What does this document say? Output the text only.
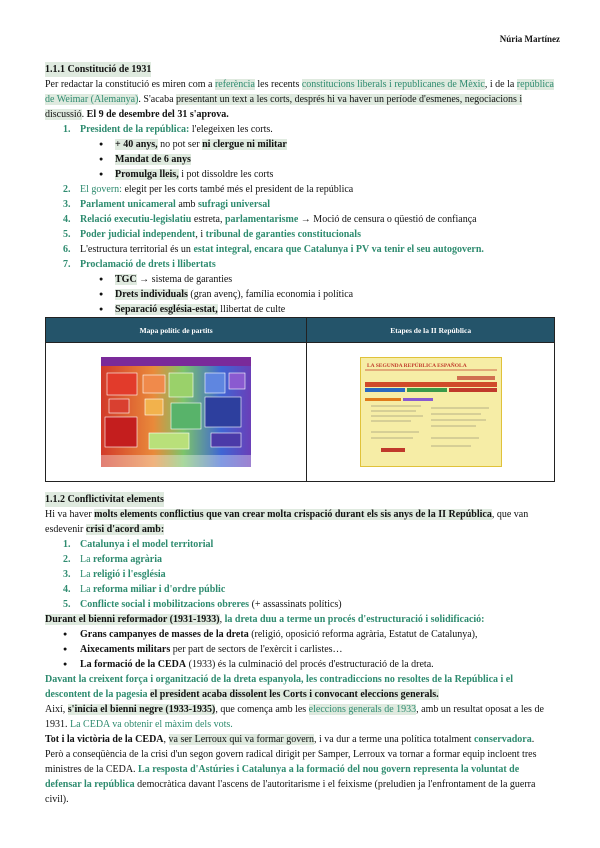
Núria Martínez

1.1.1 Constitució de 1931

Per redactar la constitució es miren com a referència les recents constitucions liberals i republicanes de Mèxic, i de la república de Weimar (Alemanya). S'acaba presentant un text a les corts, després hi va haver un període d'esmenes, negociacions i discussió. El 9 de desembre del 31 s'aprova.

1. President de la república: l'elegeixen les corts.
● + 40 anys, no pot ser ni clergue ni militar
● Mandat de 6 anys
● Promulga lleis, i pot dissoldre les corts
2. El govern: elegit per les corts també més el president de la república
3. Parlament unicameral amb sufragi universal
4. Relació executiu-legislatiu estreta, parlamentarisme → Moció de censura o qüestió de confiança
5. Poder judicial independent, i tribunal de garanties constitucionals
6. L'estructura territorial és un estat integral, encara que Catalunya i PV va tenir el seu autogovern.
7. Proclamació de drets i llibertats
● TGC → sistema de garanties
● Drets individuals (gran avenç), família economia i política
● Separació església-estat, llibertat de culte
Mapa polític de partits	Etapes de la II República

LA SEGUNDA REPÚBLICA ESPAÑOLA

1.1.2 Conflictivitat elements

Hi va haver molts elements conflictius que van crear molta crispació durant els sis anys de la II República, que van esdevenir crisi d'acord amb:

1. Catalunya i el model territorial
2. La reforma agrària
3. La religió i l'església
4. La reforma miliar i d'ordre públic
5. Conflicte social i mobilitzacions obreres (+ assassinats polítics)

Durant el bienni reformador (1931-1933), la dreta duu a terme un procés d'estructuració i solidificació:

● Grans campanyes de masses de la dreta (religió, oposició reforma agrària, Estatut de Catalunya),
● Aixecaments militars per part de sectors de l'exèrcit i carlistes…
● La formació de la CEDA (1933) és la culminació del procés d'estructuració de la dreta.

Davant la creixent força i organització de la dreta espanyola, les contradiccions no resoltes de la República i el descontent de la pagesia el president acaba dissolent les Corts i convocant eleccions generals.

Així, s'inicia el bienni negre (1933-1935), que comença amb les eleccions generals de 1933, amb un resultat oposat a les de 1931. La CEDA va obtenir el màxim dels vots.

Tot i la victòria de la CEDA, va ser Lerroux qui va formar govern, i va dur a terme una política totalment conservadora. Però a conseqüència de la crisi d'un segon govern radical dirigit per Samper, Lerroux va tornar a formar equip incloent tres ministres de la CEDA. La resposta d'Astúries i Catalunya a la formació del nou govern representa la voluntat de defensar la república democràtica davant l'ascens de l'autoritarisme i el feixisme (preludien ja l'enfrontament de la guerra civil).
